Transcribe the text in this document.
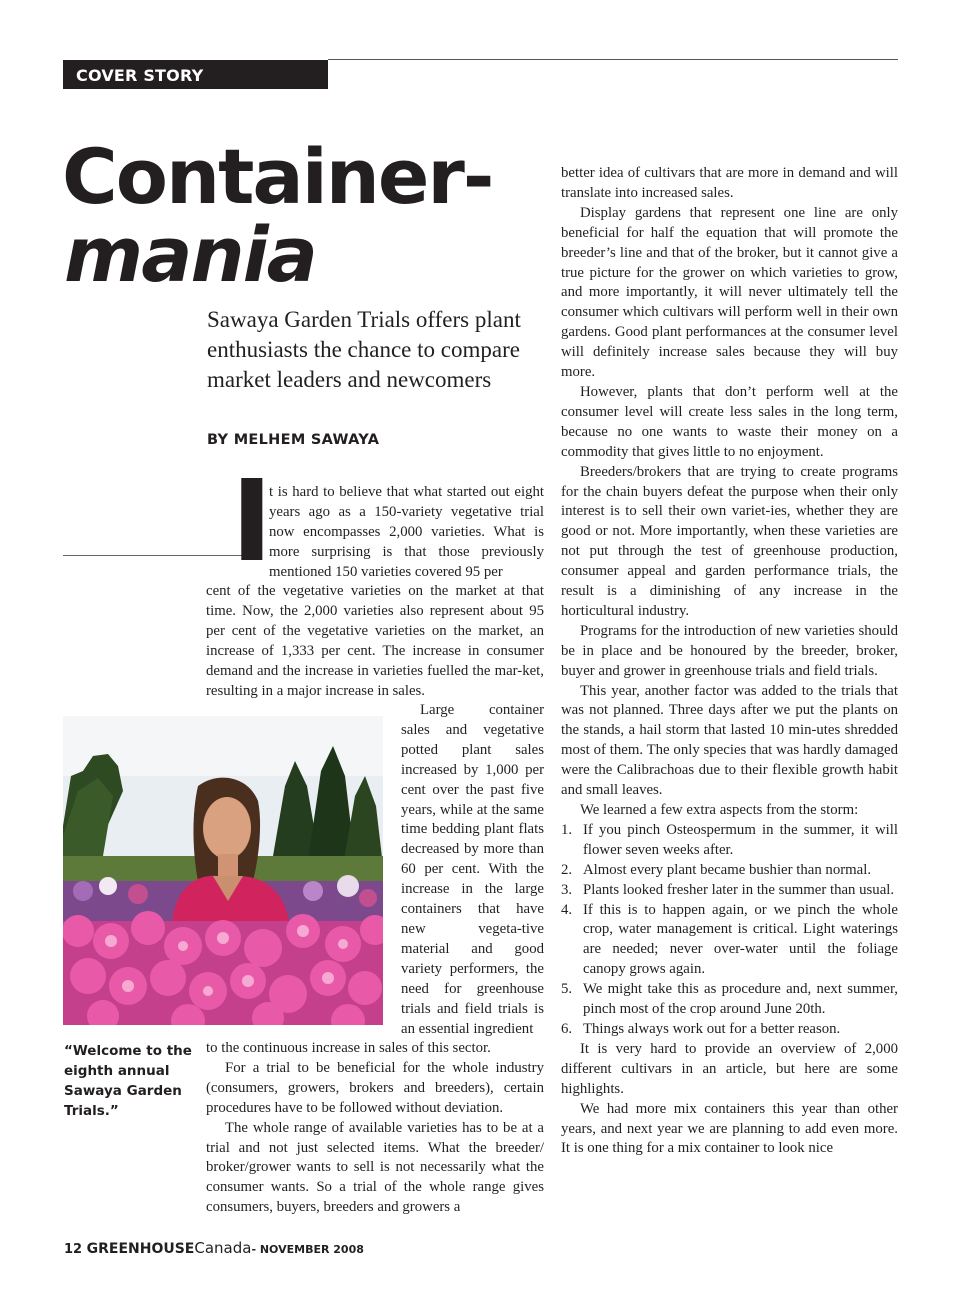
COVER STORY
Container-
mania
Sawaya Garden Trials offers plant enthusiasts the chance to compare market leaders and newcomers
BY MELHEM SAWAYA
I

t is hard to believe that what started out eight years ago as a 150-variety vegetative trial now encompasses 2,000 varieties. What is more surprising is that those previously mentioned 150 varieties covered 95 per

cent of the vegetative varieties on the market at that time. Now, the 2,000 varieties also represent about 95 per cent of the vegetative varieties on the market, an increase of 1,333 per cent. The increase in consumer demand and the increase in varieties fuelled the mar-ket, resulting in a major increase in sales.

Large container sales and vegetative potted plant sales increased by 1,000 per cent over the past five years, while at the same time bedding plant flats decreased by more than 60 per cent. With the increase in the large containers that have new vegeta-tive material and good variety performers, the need for greenhouse trials and field trials is an essential ingredient

to the continuous increase in sales of this sector.

For a trial to be beneficial for the whole industry (consumers, growers, brokers and breeders), certain procedures have to be followed without deviation.

The whole range of available varieties has to be at a trial and not just selected items. What the breeder/ broker/grower wants to sell is not necessarily what the consumer wants. So a trial of the whole range gives consumers, buyers, breeders and growers a

“Welcome to the eighth annual Sawaya Garden Trials.”

better idea of cultivars that are more in demand and will translate into increased sales.

Display gardens that represent one line are only beneficial for half the equation that will promote the breeder’s line and that of the broker, but it cannot give a true picture for the grower on which varieties to grow, and more importantly, it will never ultimately tell the consumer which cultivars will perform well in their own gardens. Good plant performances at the consumer level will definitely increase sales because they will buy more.

However, plants that don’t perform well at the consumer level will create less sales in the long term, because no one wants to waste their money on a commodity that gives little to no enjoyment.

Breeders/brokers that are trying to create programs for the chain buyers defeat the purpose when their only interest is to sell their own variet-ies, whether they are good or not. More importantly, when these varieties are not put through the test of greenhouse production, consumer appeal and garden performance trials, the result is a diminishing of any increase in the horticultural industry.

Programs for the introduction of new varieties should be in place and be honoured by the breeder, broker, buyer and grower in greenhouse trials and field trials.

This year, another factor was added to the trials that was not planned. Three days after we put the plants on the stands, a hail storm that lasted 10 min-utes shredded most of them. The only species that was hardly damaged were the Calibrachoas due to their flexible growth habit and small leaves.

We learned a few extra aspects from the storm:

1. If you pinch Osteospermum in the summer, it will flower seven weeks after.
2. Almost every plant became bushier than normal.
3. Plants looked fresher later in the summer than usual.
4. If this is to happen again, or we pinch the whole crop, water management is critical. Light waterings are needed; never over-water until the foliage canopy grows again.
5. We might take this as procedure and, next summer, pinch most of the crop around June 20th.
6. Things always work out for a better reason.

It is very hard to provide an overview of 2,000 different cultivars in an article, but here are some highlights.

We had more mix containers this year than other years, and next year we are planning to add even more. It is one thing for a mix container to look nice

12 GREENHOUSECanada- NOVEMBER 2008
